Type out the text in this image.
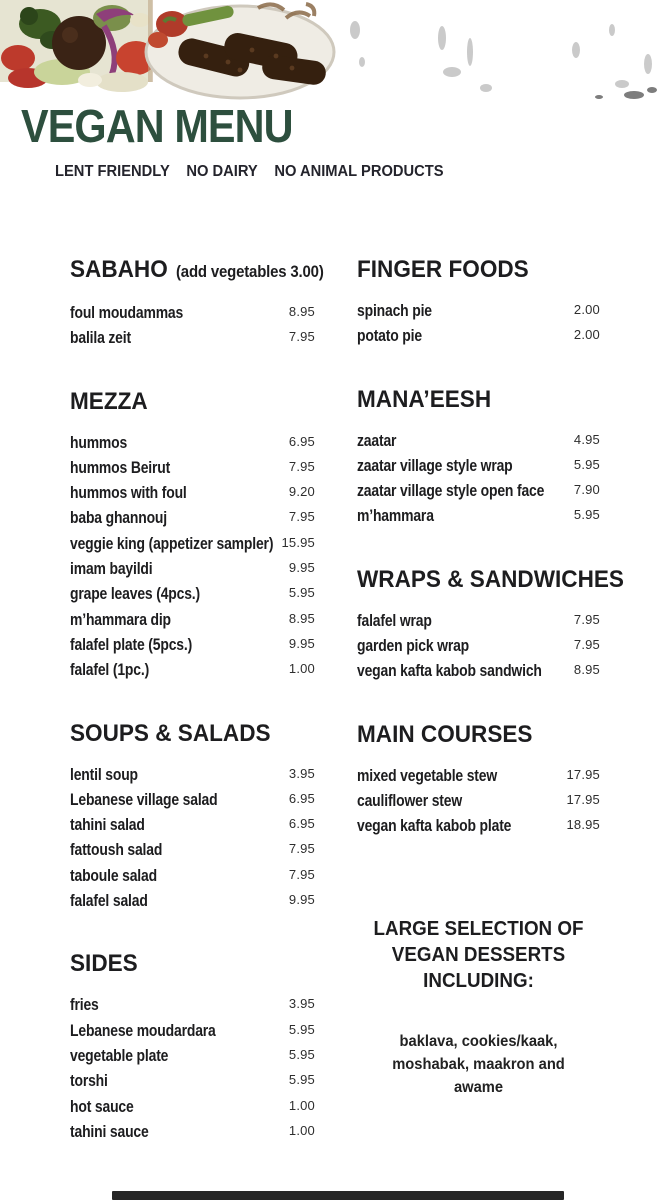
VEGAN MENU
LENT FRIENDLY NO DAIRY NO ANIMAL PRODUCTS
SABAHO (add vegetables 3.00)
foul moudammas	8.95
balila zeit	7.95
MEZZA
hummos	6.95
hummos Beirut	7.95
hummos with foul	9.20
baba ghannouj	7.95
veggie king (appetizer sampler) 15.95
imam bayildi	9.95
grape leaves (4pcs.)	5.95
m’hammara dip	8.95
falafel plate (5pcs.)	9.95
falafel (1pc.)	1.00
SOUPS & SALADS
lentil soup	3.95
Lebanese village salad	6.95
tahini salad	6.95
fattoush salad	7.95
taboule salad	7.95
falafel salad	9.95
SIDES
fries	3.95
Lebanese moudardara	5.95
vegetable plate	5.95
torshi	5.95
hot sauce	1.00
tahini sauce	1.00
FINGER FOODS
spinach pie	2.00
potato pie	2.00
MANA’EESH
zaatar	4.95
zaatar village style wrap	5.95
zaatar village style open face 7.90
m’hammara	5.95
WRAPS & SANDWICHES
falafel wrap	7.95
garden pick wrap	7.95
vegan kafta kabob sandwich 8.95
MAIN COURSES
mixed vegetable stew	17.95
cauliflower stew	17.95
vegan kafta kabob plate	18.95

LARGE SELECTION OF VEGAN DESSERTS INCLUDING:

baklava, cookies/kaak, moshabak, maakron and awame
